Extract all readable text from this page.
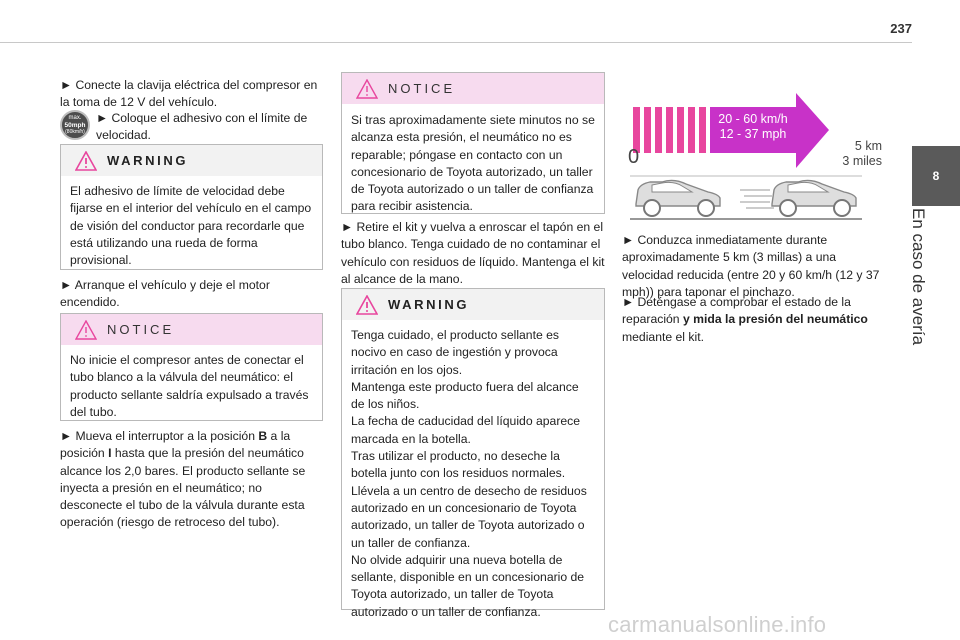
237
8
En caso de avería
► Conecte la clavija eléctrica del compresor en la toma de 12 V del vehículo.
max.
50mph
(80km/h)
► Coloque el adhesivo con el límite de velocidad.
WARNING
El adhesivo de límite de velocidad debe fijarse en el interior del vehículo en el campo de visión del conductor para recordarle que está utilizando una rueda de forma provisional.
► Arranque el vehículo y deje el motor encendido.
NOTICE
No inicie el compresor antes de conectar el tubo blanco a la válvula del neumático: el producto sellante saldría expulsado a través del tubo.
► Mueva el interruptor a la posición B a la posición I hasta que la presión del neumático alcance los 2,0 bares. El producto sellante se inyecta a presión en el neumático; no desconecte el tubo de la válvula durante esta operación (riesgo de retroceso del tubo).
NOTICE
Si tras aproximadamente siete minutos no se alcanza esta presión, el neumático no es reparable; póngase en contacto con un concesionario de Toyota autorizado, un taller de Toyota autorizado o un taller de confianza para recibir asistencia.
► Retire el kit y vuelva a enroscar el tapón en el tubo blanco. Tenga cuidado de no contaminar el vehículo con residuos de líquido. Mantenga el kit al alcance de la mano.
WARNING
Tenga cuidado, el producto sellante es nocivo en caso de ingestión y provoca irritación en los ojos.
Mantenga este producto fuera del alcance de los niños.
La fecha de caducidad del líquido aparece marcada en la botella.
Tras utilizar el producto, no deseche la botella junto con los residuos normales. Llévela a un centro de desecho de residuos autorizado en un concesionario de Toyota autorizado, un taller de Toyota autorizado o un taller de confianza.
No olvide adquirir una nueva botella de sellante, disponible en un concesionario de Toyota autorizado, un taller de Toyota autorizado o un taller de confianza.
20 - 60 km/h
12 - 37 mph
0	5 km
3 miles
► Conduzca inmediatamente durante aproximadamente 5 km (3 millas) a una velocidad reducida (entre 20 y 60 km/h (12 y 37 mph)) para taponar el pinchazo.
► Deténgase a comprobar el estado de la reparación y mida la presión del neumático mediante el kit.
carmanualsonline.info
